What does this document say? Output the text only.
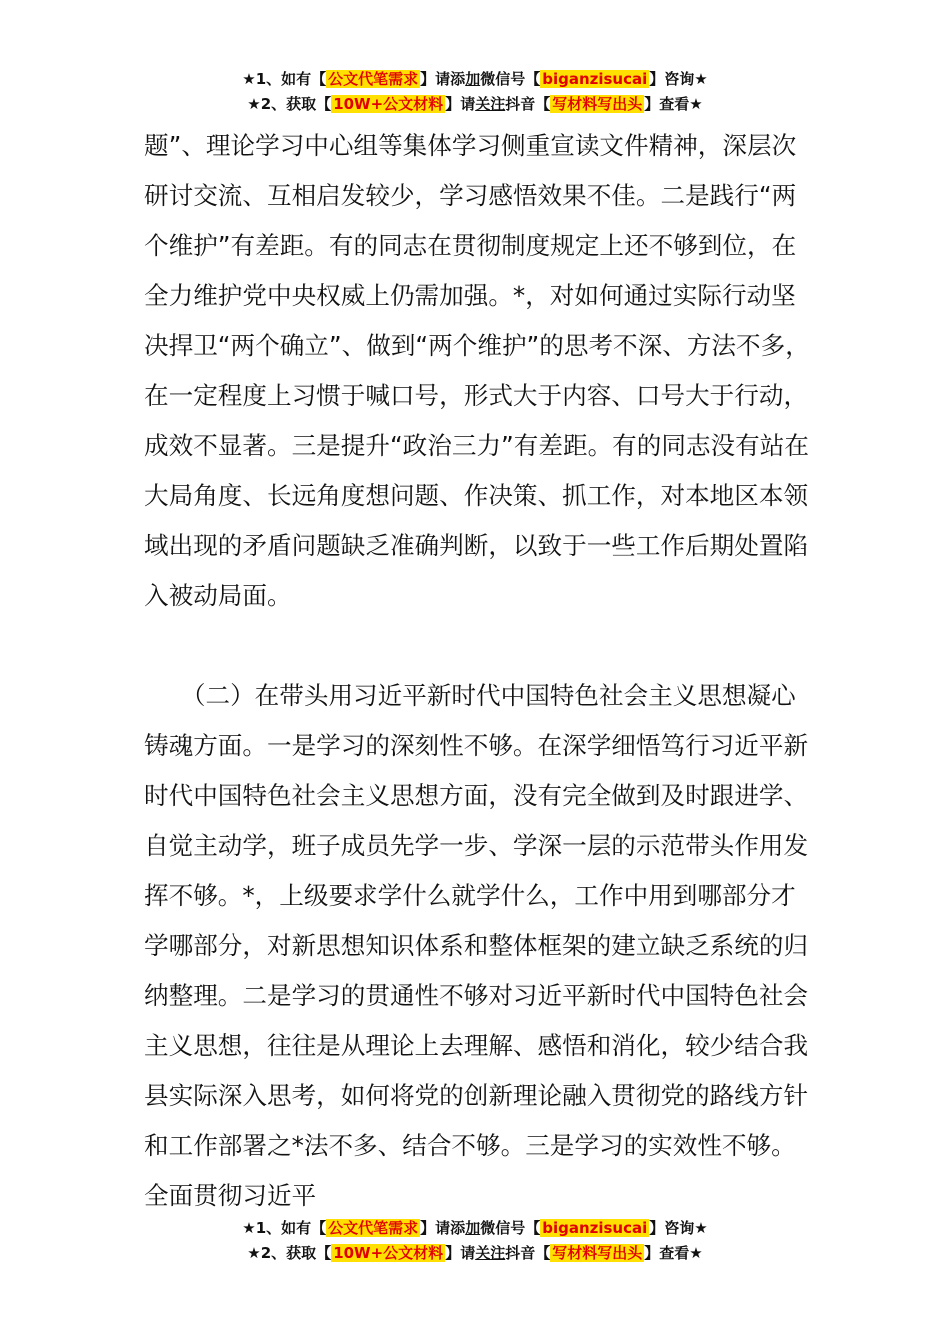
★1、如有【 公文代笔需求 】请添加微信号【 biganzisucai 】咨询★
★2、获取【 10W+公文材料 】请关注抖音【 写材料写出头 】查看★

题”、理论学习中心组等集体学习侧重宣读文件精神，深层次研讨交流、互相启发较少，学习感悟效果不佳。二是践行“两个维护”有差距。有的同志在贯彻制度规定上还不够到位，在全力维护党中央权威上仍需加强。*，对如何通过实际行动坚决捍卫“两个确立”、做到“两个维护”的思考不深、方法不多，在一定程度上习惯于喊口号，形式大于内容、口号大于行动，成效不显著。三是提升“政治三力”有差距。有的同志没有站在大局角度、长远角度想问题、作决策、抓工作，对本地区本领域出现的矛盾问题缺乏准确判断，以致于一些工作后期处置陷入被动局面。

　　（二）在带头用习近平新时代中国特色社会主义思想凝心铸魂方面。一是学习的深刻性不够。在深学细悟笃行习近平新时代中国特色社会主义思想方面，没有完全做到及时跟进学、自觉主动学，班子成员先学一步、学深一层的示范带头作用发挥不够。*，上级要求学什么就学什么，工作中用到哪部分才学哪部分，对新思想知识体系和整体框架的建立缺乏系统的归纳整理。二是学习的贯通性不够对习近平新时代中国特色社会主义思想，往往是从理论上去理解、感悟和消化，较少结合我县实际深入思考，如何将党的创新理论融入贯彻党的路线方针和工作部署之*法不多、结合不够。三是学习的实效性不够。全面贯彻习近平

★1、如有【 公文代笔需求 】请添加微信号【 biganzisucai 】咨询★
★2、获取【 10W+公文材料 】请关注抖音【 写材料写出头 】查看★
